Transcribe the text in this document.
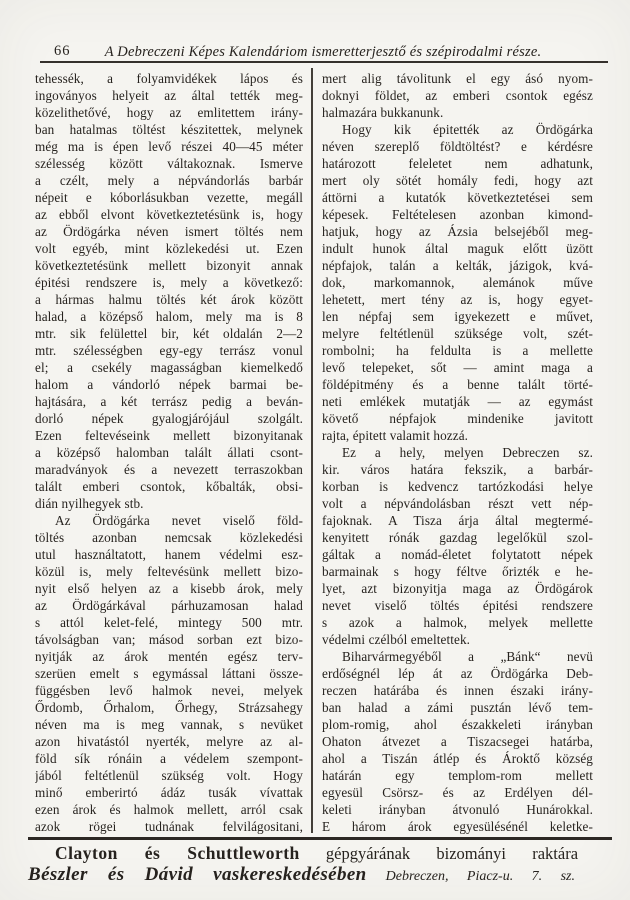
66 A Debreczeni Képes Kalendáriom ismeretterjesztő és szépirodalmi része.
tehessék, a folyamvidékek lápos és
ingoványos helyeit az által tették meg-
közelithetővé, hogy az emlitettem irány-
ban hatalmas töltést készitettek, melynek
még ma is épen levő részei 40—45 méter
szélesség között váltakoznak. Ismerve
a czélt, mely a népvándorlás barbár
népeit e kóborlásukban vezette, megáll
az ebből elvont következtetésünk is, hogy
az Ördögárka néven ismert töltés nem
volt egyéb, mint közlekedési ut. Ezen
következtetésünk mellett bizonyit annak
épitési rendszere is, mely a következő:
a hármas halmu töltés két árok között
halad, a középső halom, mely ma is 8
mtr. sik felülettel bir, két oldalán 2—2
mtr. szélességben egy-egy terrász vonul
el; a csekély magasságban kiemelkedő
halom a vándorló népek barmai be-
hajtására, a két terrász pedig a beván-
dorló népek gyalogjárójául szolgált.
Ezen feltevéseink mellett bizonyitanak
a középső halomban talált állati csont-
maradványok és a nevezett terraszokban
talált emberi csontok, kőbalták, obsi-
dián nyilhegyek stb.
Az Ördögárka nevet viselő föld-
töltés azonban nemcsak közlekedési
utul használtatott, hanem védelmi esz-
közül is, mely feltevésünk mellett bizo-
nyit első helyen az a kisebb árok, mely
az Ördögárkával párhuzamosan halad
s attól kelet-felé, mintegy 500 mtr.
távolságban van; másod sorban ezt bizo-
nyitják az árok mentén egész terv-
szerüen emelt s egymással láttani össze-
függésben levő halmok nevei, melyek
Őrdomb, Őrhalom, Őrhegy, Strázsahegy
néven ma is meg vannak, s nevüket
azon hivatástól nyerték, melyre az al-
föld sík rónáin a védelem szempont-
jából feltétlenül szükség volt. Hogy
minő emberirtó ádáz tusák vívattak
ezen árok és halmok mellett, arról csak
azok rögei tudnának felvilágositani,
mert alig távolitunk el egy ásó nyom-
doknyi földet, az emberi csontok egész
halmazára bukkanunk.
Hogy kik épitették az Ördögárka
néven szereplő földtöltést? e kérdésre
határozott feleletet nem adhatunk,
mert oly sötét homály fedi, hogy azt
áttörni a kutatók következtetései sem
képesek. Feltételesen azonban kimond-
hatjuk, hogy az Ázsia belsejéből meg-
indult hunok által maguk előtt üzött
népfajok, talán a kelták, jázigok, kvá-
dok, markomannok, alemánok műve
lehetett, mert tény az is, hogy egyet-
len népfaj sem igyekezett e művet,
melyre feltétlenül szüksége volt, szét-
rombolni; ha feldulta is a mellette
levő telepeket, sőt — amint maga a
földépitmény és a benne talált törté-
neti emlékek mutatják — az egymást
követő népfajok mindenike javitott
rajta, épitett valamit hozzá.
Ez a hely, melyen Debreczen sz.
kir. város határa fekszik, a barbár-
korban is kedvencz tartózkodási helye
volt a népvándolásban részt vett nép-
fajoknak. A Tisza árja által megtermé-
kenyitett rónák gazdag legelőkül szol-
gáltak a nomád-életet folytatott népek
barmainak s hogy féltve őrizték e he-
lyet, azt bizonyitja maga az Ördögárok
nevet viselő töltés épitési rendszere
s azok a halmok, melyek mellette
védelmi czélból emeltettek.
Biharvármegyéből a „Bánk“ nevü
erdőségnél lép át az Ördögárka Deb-
reczen határába és innen északi irány-
ban halad a zámi pusztán lévő tem-
plom-romig, ahol északkeleti irányban
Ohaton átvezet a Tiszacsegei határba,
ahol a Tiszán átlép és Ároktő község
határán egy templom-rom mellett
egyesül Csörsz- és az Erdélyen dél-
keleti irányban átvonuló Hunárokkal.
E három árok egyesülésénél keletke-
Clayton és Schuttleworth gépgyárának bizományi raktára
Bészler és Dávid vaskereskedésében Debreczen, Piacz-u. 7. sz.
